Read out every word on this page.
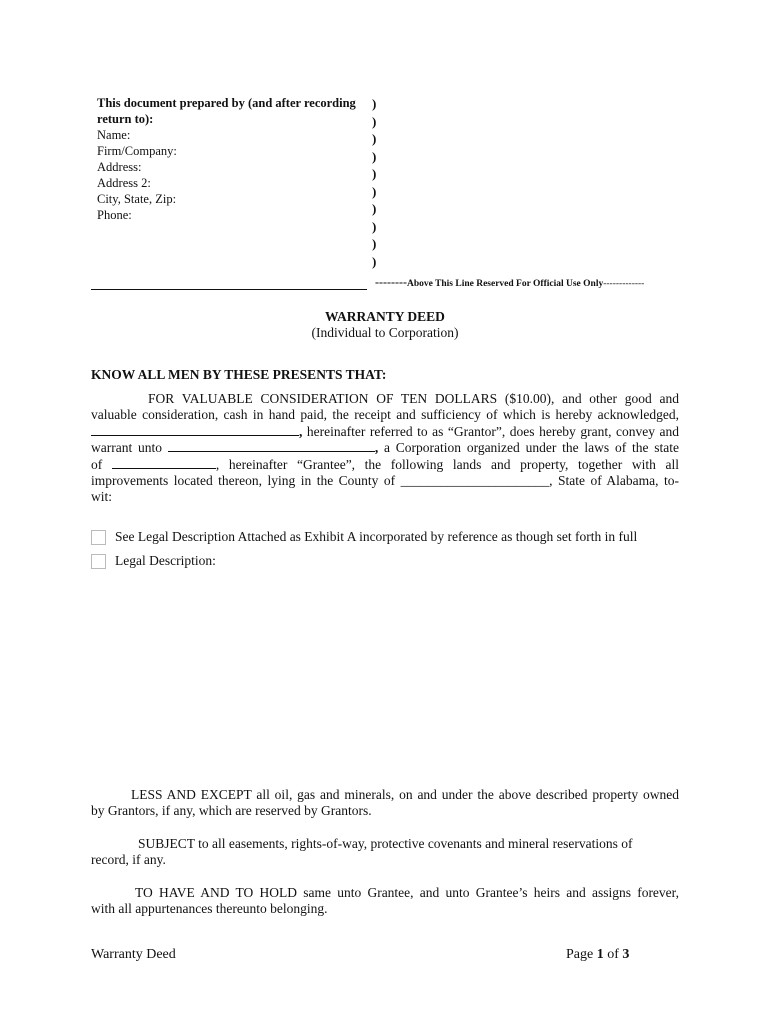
This document prepared by (and after recording
return to):
Name:
Firm/Company:
Address:
Address 2:
City, State, Zip:
Phone:
)
)
)
)
)
)
)
)
)
)
--------Above This Line Reserved For Official Use Only-------------
WARRANTY DEED
(Individual to Corporation)
KNOW ALL MEN BY THESE PRESENTS THAT:
FOR VALUABLE CONSIDERATION OF TEN DOLLARS ($10.00), and other good and
valuable consideration, cash in hand paid, the receipt and sufficiency of which is hereby acknowledged,
, hereinafter referred to as “Grantor”, does hereby grant, convey and
warrant unto	, a Corporation organized under the laws of the state
of	, hereinafter “Grantee”, the following lands and property, together with all
improvements located thereon, lying in the County of ______________________, State of Alabama, to-
wit:
See Legal Description Attached as Exhibit A incorporated by reference as though set forth in full
Legal Description:
LESS AND EXCEPT all oil, gas and minerals, on and under the above described property owned
by Grantors, if any, which are reserved by Grantors.
SUBJECT to all easements, rights-of-way, protective covenants and mineral reservations of
record, if any.
TO HAVE AND TO HOLD same unto Grantee, and unto Grantee’s heirs and assigns forever,
with all appurtenances thereunto belonging.
Warranty Deed	Page 1 of 3
